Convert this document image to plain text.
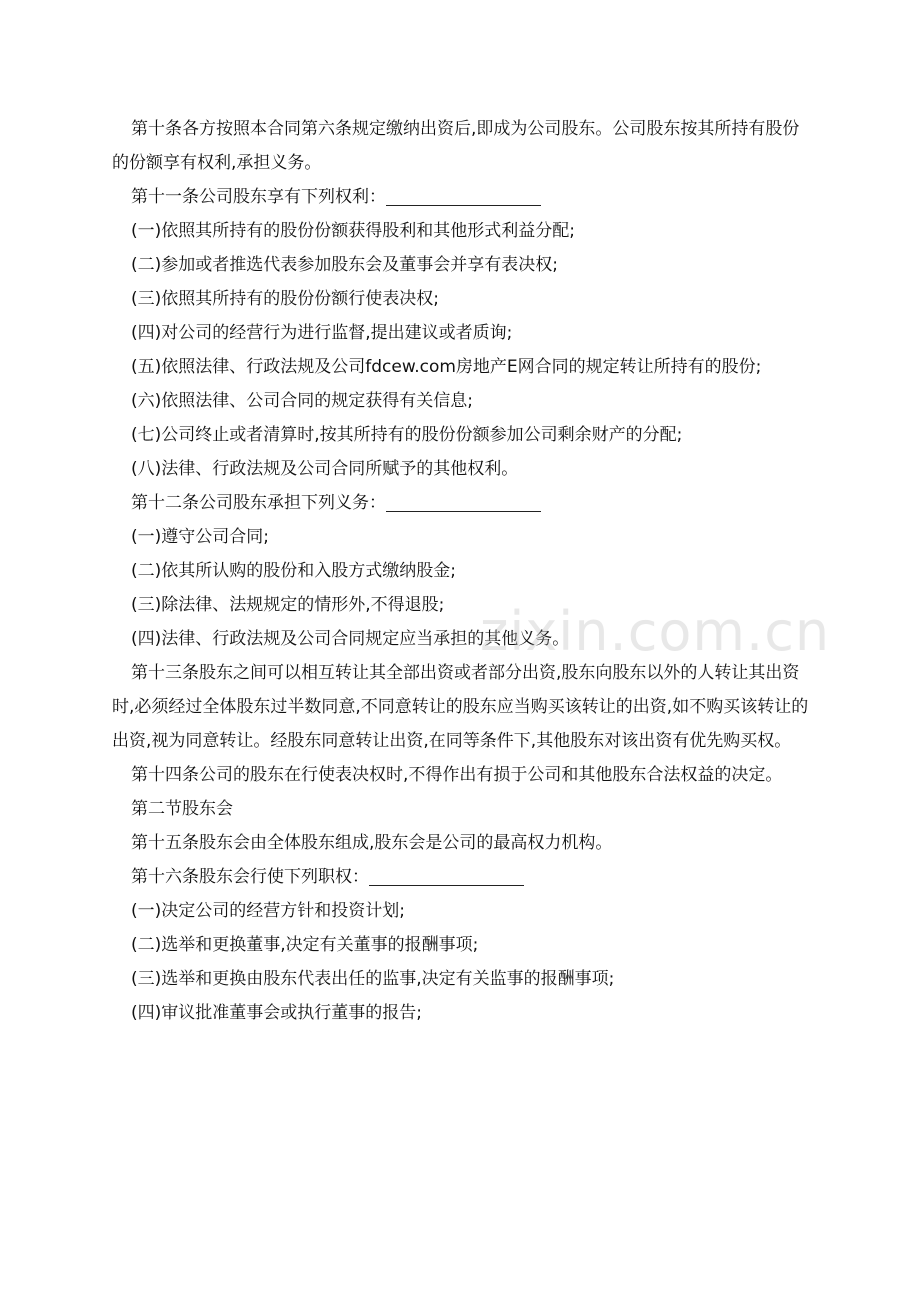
第十条各方按照本合同第六条规定缴纳出资后,即成为公司股东。公司股东按其所持有股份的份额享有权利,承担义务。

第十一条公司股东享有下列权利：

(一)依照其所持有的股份份额获得股利和其他形式利益分配;

(二)参加或者推选代表参加股东会及董事会并享有表决权;

(三)依照其所持有的股份份额行使表决权;

(四)对公司的经营行为进行监督,提出建议或者质询;

(五)依照法律、行政法规及公司fdcew.com房地产E网合同的规定转让所持有的股份;

(六)依照法律、公司合同的规定获得有关信息;

(七)公司终止或者清算时,按其所持有的股份份额参加公司剩余财产的分配;

(八)法律、行政法规及公司合同所赋予的其他权利。

第十二条公司股东承担下列义务：

(一)遵守公司合同;

(二)依其所认购的股份和入股方式缴纳股金;

(三)除法律、法规规定的情形外,不得退股;

(四)法律、行政法规及公司合同规定应当承担的其他义务。

第十三条股东之间可以相互转让其全部出资或者部分出资,股东向股东以外的人转让其出资时,必须经过全体股东过半数同意,不同意转让的股东应当购买该转让的出资,如不购买该转让的出资,视为同意转让。经股东同意转让出资,在同等条件下,其他股东对该出资有优先购买权。

第十四条公司的股东在行使表决权时,不得作出有损于公司和其他股东合法权益的决定。

第二节股东会

第十五条股东会由全体股东组成,股东会是公司的最高权力机构。

第十六条股东会行使下列职权：

(一)决定公司的经营方针和投资计划;

(二)选举和更换董事,决定有关董事的报酬事项;

(三)选举和更换由股东代表出任的监事,决定有关监事的报酬事项;

(四)审议批准董事会或执行董事的报告;

zixin.com.cn
